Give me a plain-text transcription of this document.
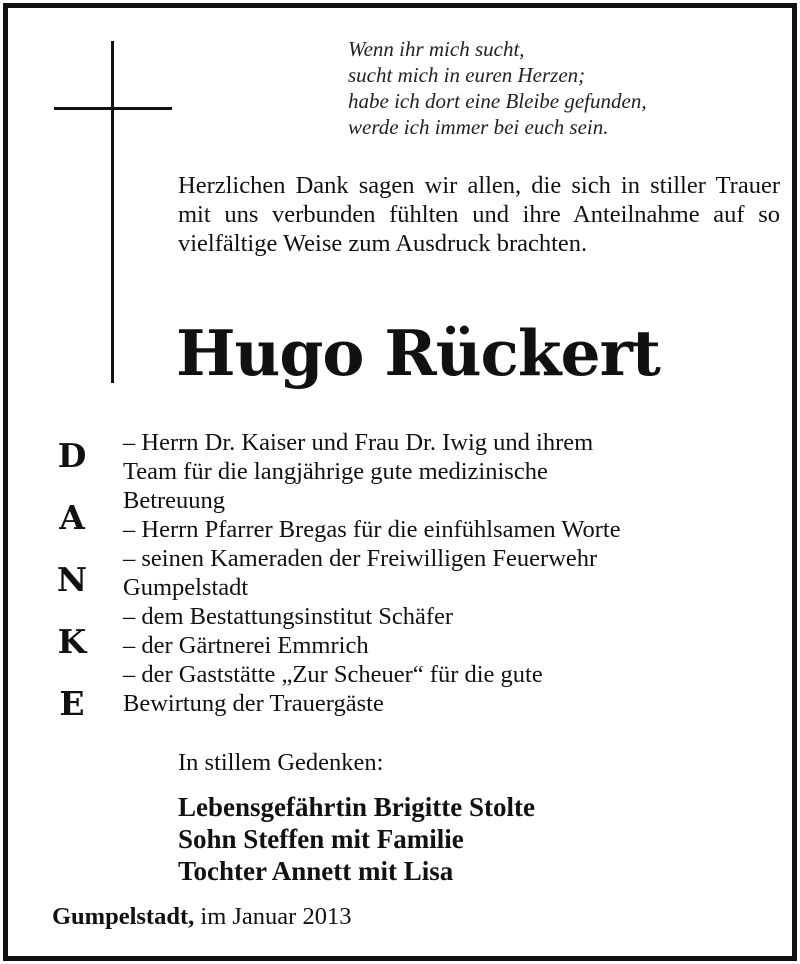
Wenn ihr mich sucht,
sucht mich in euren Herzen;
habe ich dort eine Bleibe gefunden,
werde ich immer bei euch sein.
Herzlichen Dank sagen wir allen, die sich in stiller Trauer mit uns verbunden fühlten und ihre Anteilnahme auf so vielfältige Weise zum Ausdruck brachten.
Hugo Rückert
D
A
N
K
E
– Herrn Dr. Kaiser und Frau Dr. Iwig und ihrem
Team für die langjährige gute medizinische
Betreuung
– Herrn Pfarrer Bregas für die einfühlsamen Worte
– seinen Kameraden der Freiwilligen Feuerwehr
Gumpelstadt
– dem Bestattungsinstitut Schäfer
– der Gärtnerei Emmrich
– der Gaststätte „Zur Scheuer“ für die gute
Bewirtung der Trauergäste
In stillem Gedenken:
Lebensgefährtin Brigitte Stolte
Sohn Steffen mit Familie
Tochter Annett mit Lisa
Gumpelstadt, im Januar 2013
